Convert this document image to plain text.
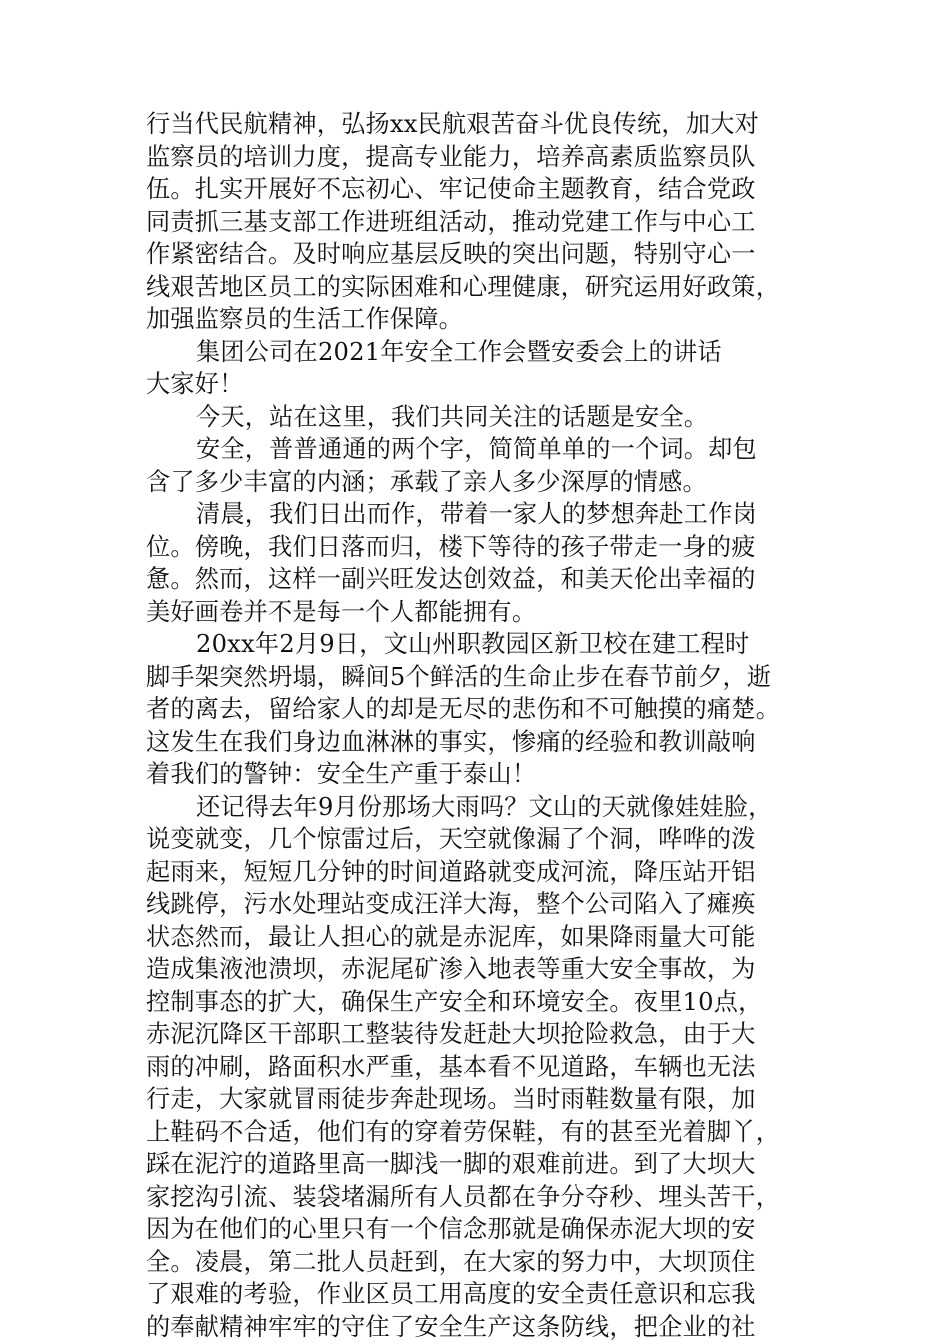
行当代民航精神，弘扬xx民航艰苦奋斗优良传统，加大对
监察员的培训力度，提高专业能力，培养高素质监察员队
伍。扎实开展好不忘初心、牢记使命主题教育，结合党政
同责抓三基支部工作进班组活动，推动党建工作与中心工
作紧密结合。及时响应基层反映的突出问题，特别守心一
线艰苦地区员工的实际困难和心理健康，研究运用好政策，
加强监察员的生活工作保障。
集团公司在2021年安全工作会暨安委会上的讲话
大家好！
今天，站在这里，我们共同关注的话题是安全。
安全，普普通通的两个字，简简单单的一个词。却包
含了多少丰富的内涵；承载了亲人多少深厚的情感。
清晨，我们日出而作，带着一家人的梦想奔赴工作岗
位。傍晚，我们日落而归，楼下等待的孩子带走一身的疲
惫。然而，这样一副兴旺发达创效益，和美天伦出幸福的
美好画卷并不是每一个人都能拥有。
20xx年2月9日，文山州职教园区新卫校在建工程时
脚手架突然坍塌，瞬间5个鲜活的生命止步在春节前夕，逝
者的离去，留给家人的却是无尽的悲伤和不可触摸的痛楚。
这发生在我们身边血淋淋的事实，惨痛的经验和教训敲响
着我们的警钟：安全生产重于泰山！
还记得去年9月份那场大雨吗？文山的天就像娃娃脸，
说变就变，几个惊雷过后，天空就像漏了个洞，哗哗的泼
起雨来，短短几分钟的时间道路就变成河流，降压站开铝
线跳停，污水处理站变成汪洋大海，整个公司陷入了瘫痪
状态然而，最让人担心的就是赤泥库，如果降雨量大可能
造成集液池溃坝，赤泥尾矿渗入地表等重大安全事故，为
控制事态的扩大，确保生产安全和环境安全。夜里10点，
赤泥沉降区干部职工整装待发赶赴大坝抢险救急，由于大
雨的冲刷，路面积水严重，基本看不见道路，车辆也无法
行走，大家就冒雨徒步奔赴现场。当时雨鞋数量有限，加
上鞋码不合适，他们有的穿着劳保鞋，有的甚至光着脚丫，
踩在泥泞的道路里高一脚浅一脚的艰难前进。到了大坝大
家挖沟引流、装袋堵漏所有人员都在争分夺秒、埋头苦干，
因为在他们的心里只有一个信念那就是确保赤泥大坝的安
全。凌晨，第二批人员赶到，在大家的努力中，大坝顶住
了艰难的考验，作业区员工用高度的安全责任意识和忘我
的奉献精神牢牢的守住了安全生产这条防线，把企业的社
